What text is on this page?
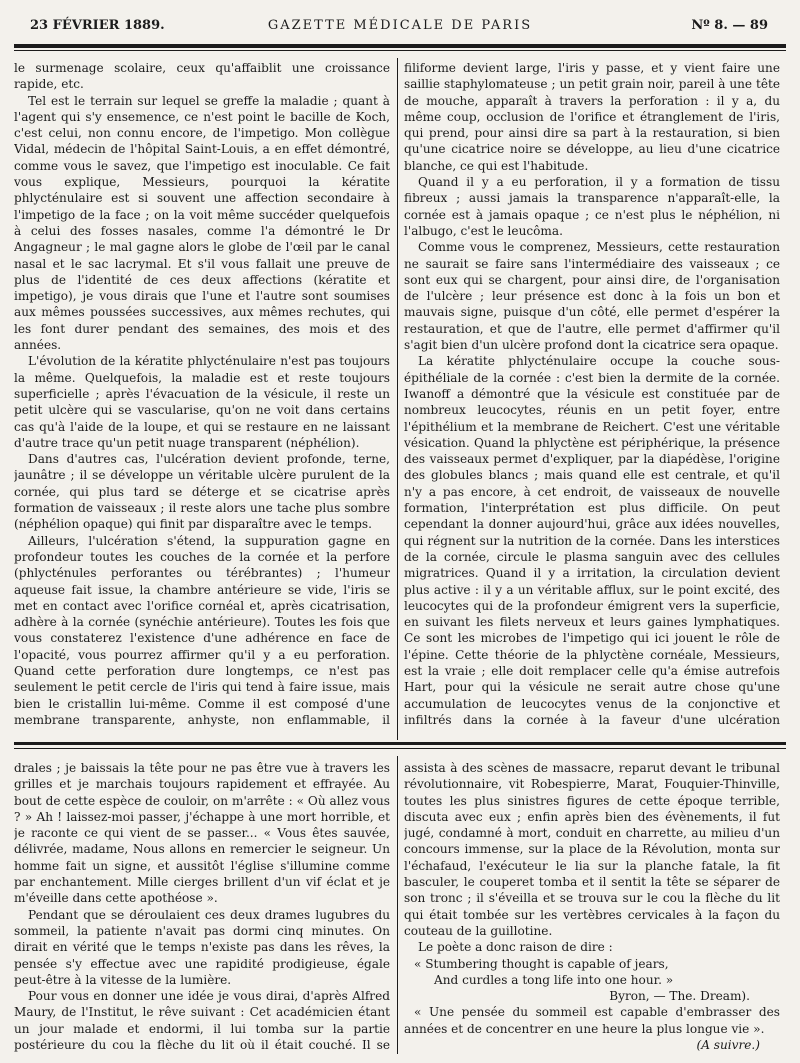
23 FÉVRIER 1889.	GAZETTE MÉDICALE DE PARIS	Nº 8. — 89

le surmenage scolaire, ceux qu'affaiblit une croissance rapide, etc.

Tel est le terrain sur lequel se greffe la maladie ; quant à l'agent qui s'y ensemence, ce n'est point le bacille de Koch, c'est celui, non connu encore, de l'impetigo. Mon collègue Vidal, médecin de l'hôpital Saint-Louis, a en effet démontré, comme vous le savez, que l'impetigo est inoculable. Ce fait vous explique, Messieurs, pourquoi la kératite phlycténulaire est si souvent une affection secondaire à l'impetigo de la face ; on la voit même succéder quelquefois à celui des fosses nasales, comme l'a démontré le Dr Angagneur ; le mal gagne alors le globe de l'œil par le canal nasal et le sac lacrymal. Et s'il vous fallait une preuve de plus de l'identité de ces deux affections (kératite et impetigo), je vous dirais que l'une et l'autre sont soumises aux mêmes poussées successives, aux mêmes rechutes, qui les font durer pendant des semaines, des mois et des années.

L'évolution de la kératite phlycténulaire n'est pas toujours la même. Quelquefois, la maladie est et reste toujours superficielle ; après l'évacuation de la vésicule, il reste un petit ulcère qui se vascularise, qu'on ne voit dans certains cas qu'à l'aide de la loupe, et qui se restaure en ne laissant d'autre trace qu'un petit nuage transparent (néphélion).

Dans d'autres cas, l'ulcération devient profonde, terne, jaunâtre ; il se développe un véritable ulcère purulent de la cornée, qui plus tard se déterge et se cicatrise après formation de vaisseaux ; il reste alors une tache plus sombre (néphélion opaque) qui finit par disparaître avec le temps.

Ailleurs, l'ulcération s'étend, la suppuration gagne en profondeur toutes les couches de la cornée et la perfore (phlycténules perforantes ou térébrantes) ; l'humeur aqueuse fait issue, la chambre antérieure se vide, l'iris se met en contact avec l'orifice cornéal et, après cicatrisation, adhère à la cornée (synéchie antérieure). Toutes les fois que vous constaterez l'existence d'une adhérence en face de l'opacité, vous pourrez affirmer qu'il y a eu perforation. Quand cette perforation dure longtemps, ce n'est pas seulement le petit cercle de l'iris qui tend à faire issue, mais bien le cristallin lui-même. Comme il est composé d'une membrane transparente, anhyste, non enflammable, il

filiforme devient large, l'iris y passe, et y vient faire une saillie staphylomateuse ; un petit grain noir, pareil à une tête de mouche, apparaît à travers la perforation : il y a, du même coup, occlusion de l'orifice et étranglement de l'iris, qui prend, pour ainsi dire sa part à la restauration, si bien qu'une cicatrice noire se développe, au lieu d'une cicatrice blanche, ce qui est l'habitude.

Quand il y a eu perforation, il y a formation de tissu fibreux ; aussi jamais la transparence n'apparaît-elle, la cornée est à jamais opaque ; ce n'est plus le néphélion, ni l'albugo, c'est le leucôma.

Comme vous le comprenez, Messieurs, cette restauration ne saurait se faire sans l'intermédiaire des vaisseaux ; ce sont eux qui se chargent, pour ainsi dire, de l'organisation de l'ulcère ; leur présence est donc à la fois un bon et mauvais signe, puisque d'un côté, elle permet d'espérer la restauration, et que de l'autre, elle permet d'affirmer qu'il s'agit bien d'un ulcère profond dont la cicatrice sera opaque.

La kératite phlycténulaire occupe la couche sous-épithéliale de la cornée : c'est bien la dermite de la cornée. Iwanoff a démontré que la vésicule est constituée par de nombreux leucocytes, réunis en un petit foyer, entre l'épithélium et la membrane de Reichert. C'est une véritable vésication. Quand la phlyctène est périphérique, la présence des vaisseaux permet d'expliquer, par la diapédèse, l'origine des globules blancs ; mais quand elle est centrale, et qu'il n'y a pas encore, à cet endroit, de vaisseaux de nouvelle formation, l'interprétation est plus difficile. On peut cependant la donner aujourd'hui, grâce aux idées nouvelles, qui régnent sur la nutrition de la cornée. Dans les interstices de la cornée, circule le plasma sanguin avec des cellules migratrices. Quand il y a irritation, la circulation devient plus active : il y a un véritable afflux, sur le point excité, des leucocytes qui de la profondeur émigrent vers la superficie, en suivant les filets nerveux et leurs gaines lymphatiques. Ce sont les microbes de l'impetigo qui ici jouent le rôle de l'épine. Cette théorie de la phlyctène cornéale, Messieurs, est la vraie ; elle doit remplacer celle qu'a émise autrefois Hart, pour qui la vésicule ne serait autre chose qu'une accumulation de leucocytes venus de la conjonctive et infiltrés dans la cornée à la faveur d'une ulcération

drales ; je baissais la tête pour ne pas être vue à travers les grilles et je marchais toujours rapidement et effrayée. Au bout de cette espèce de couloir, on m'arrête : « Où allez vous ? » Ah ! laissez-moi passer, j'échappe à une mort horrible, et je raconte ce qui vient de se passer... « Vous êtes sauvée, délivrée, madame, Nous allons en remercier le seigneur. Un homme fait un signe, et aussitôt l'église s'illumine comme par enchantement. Mille cierges brillent d'un vif éclat et je m'éveille dans cette apothéose ».

Pendant que se déroulaient ces deux drames lugubres du sommeil, la patiente n'avait pas dormi cinq minutes. On dirait en vérité que le temps n'existe pas dans les rêves, la pensée s'y effectue avec une rapidité prodigieuse, égale peut-être à la vitesse de la lumière.

Pour vous en donner une idée je vous dirai, d'après Alfred Maury, de l'Institut, le rêve suivant : Cet académicien étant un jour malade et endormi, il lui tomba sur la partie postérieure du cou la flèche du lit où il était couché. Il se

assista à des scènes de massacre, reparut devant le tribunal révolutionnaire, vit Robespierre, Marat, Fouquier-Thinville, toutes les plus sinistres figures de cette époque terrible, discuta avec eux ; enfin après bien des évènements, il fut jugé, condamné à mort, conduit en charrette, au milieu d'un concours immense, sur la place de la Révolution, monta sur l'échafaud, l'exécuteur le lia sur la planche fatale, la fit basculer, le couperet tomba et il sentit la tête se séparer de son tronc ; il s'éveilla et se trouva sur le cou la flèche du lit qui était tombée sur les vertèbres cervicales à la façon du couteau de la guillotine.

Le poète a donc raison de dire :

« Stumbering thought is capable of jears,

And curdles a tong life into one hour. »

Byron, — The. Dream).

« Une pensée du sommeil est capable d'embrasser des années et de concentrer en une heure la plus longue vie ».

(A suivre.)
